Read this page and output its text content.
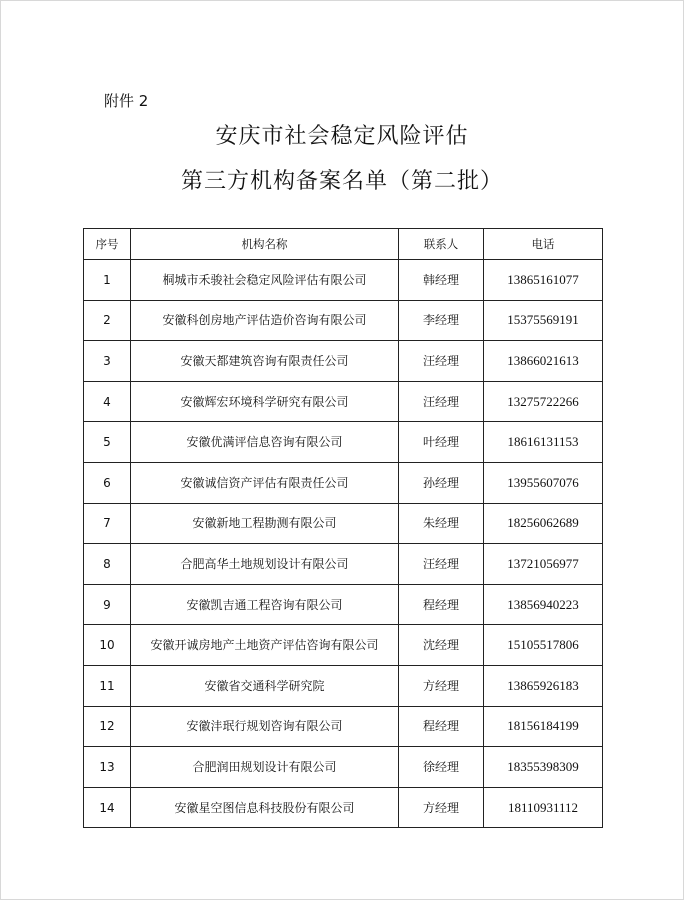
附件 2
安庆市社会稳定风险评估
第三方机构备案名单（第二批）
序号	机构名称	联系人	电话
1	桐城市禾骏社会稳定风险评估有限公司	韩经理	13865161077
2	安徽科创房地产评估造价咨询有限公司	李经理	15375569191
3	安徽天都建筑咨询有限责任公司	汪经理	13866021613
4	安徽辉宏环境科学研究有限公司	汪经理	13275722266
5	安徽优满评信息咨询有限公司	叶经理	18616131153
6	安徽诚信资产评估有限责任公司	孙经理	13955607076
7	安徽新地工程勘测有限公司	朱经理	18256062689
8	合肥高华土地规划设计有限公司	汪经理	13721056977
9	安徽凯吉通工程咨询有限公司	程经理	13856940223
10	安徽开诚房地产土地资产评估咨询有限公司	沈经理	15105517806
11	安徽省交通科学研究院	方经理	13865926183
12	安徽沣珉行规划咨询有限公司	程经理	18156184199
13	合肥润田规划设计有限公司	徐经理	18355398309
14	安徽星空图信息科技股份有限公司	方经理	18110931112
